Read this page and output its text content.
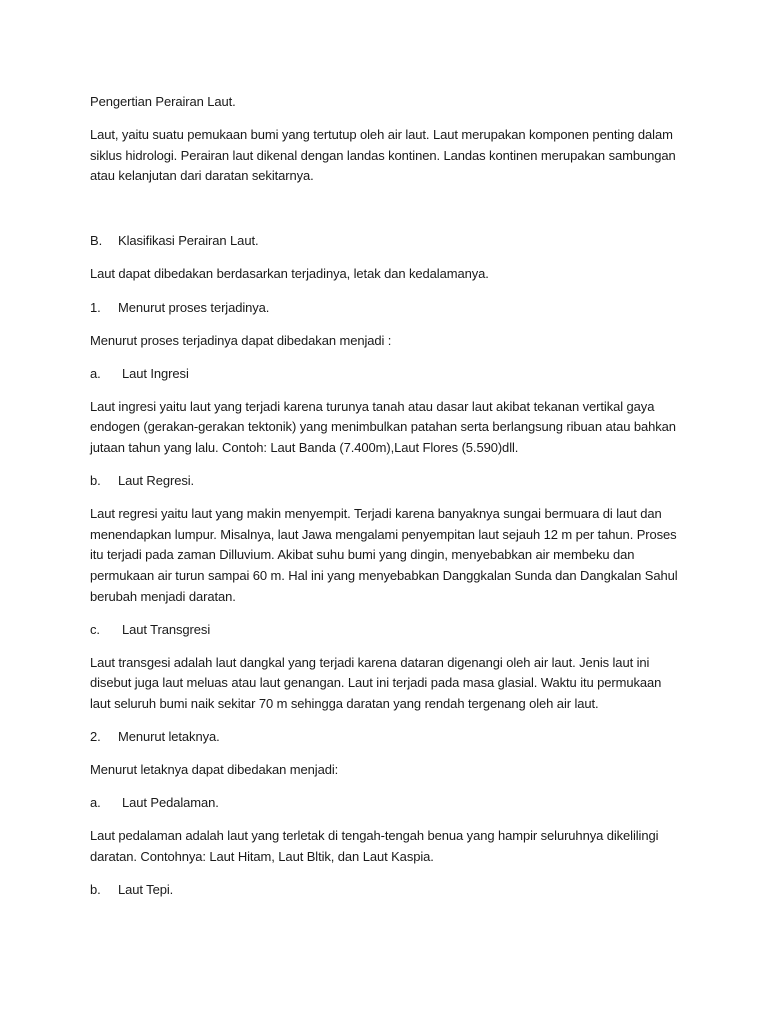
Pengertian Perairan Laut.

Laut, yaitu suatu pemukaan bumi yang tertutup oleh air laut. Laut merupakan komponen penting dalam siklus hidrologi. Perairan laut dikenal dengan landas kontinen. Landas kontinen merupakan sambungan atau kelanjutan dari daratan sekitarnya.

B.	Klasifikasi Perairan Laut.

Laut dapat dibedakan berdasarkan terjadinya, letak dan kedalamanya.

1.	Menurut proses terjadinya.

Menurut proses terjadinya dapat dibedakan menjadi :

a.	Laut Ingresi

Laut ingresi yaitu laut yang terjadi karena turunya tanah atau dasar laut akibat tekanan vertikal gaya endogen (gerakan-gerakan tektonik) yang menimbulkan patahan serta berlangsung ribuan atau bahkan jutaan tahun yang lalu. Contoh: Laut Banda (7.400m),Laut Flores (5.590)dll.

b.	Laut Regresi.

Laut regresi yaitu laut yang makin menyempit. Terjadi karena banyaknya sungai bermuara di laut dan menendapkan lumpur. Misalnya, laut Jawa mengalami penyempitan laut sejauh 12 m per tahun. Proses itu terjadi pada zaman Dilluvium. Akibat suhu bumi yang dingin, menyebabkan air membeku dan permukaan air turun sampai 60 m. Hal ini yang menyebabkan Danggkalan Sunda dan Dangkalan Sahul berubah menjadi daratan.

c.	Laut Transgresi

Laut transgesi adalah laut dangkal yang terjadi karena dataran digenangi oleh air laut. Jenis laut ini disebut juga laut meluas atau laut genangan. Laut ini terjadi pada masa glasial. Waktu itu permukaan laut seluruh bumi naik sekitar 70 m sehingga daratan yang rendah tergenang oleh air laut.

2.	Menurut letaknya.

Menurut letaknya dapat dibedakan menjadi:

a.	Laut Pedalaman.

Laut pedalaman adalah laut yang terletak di tengah-tengah benua yang hampir seluruhnya dikelilingi daratan. Contohnya: Laut Hitam, Laut Bltik, dan Laut Kaspia.

b.	Laut Tepi.
